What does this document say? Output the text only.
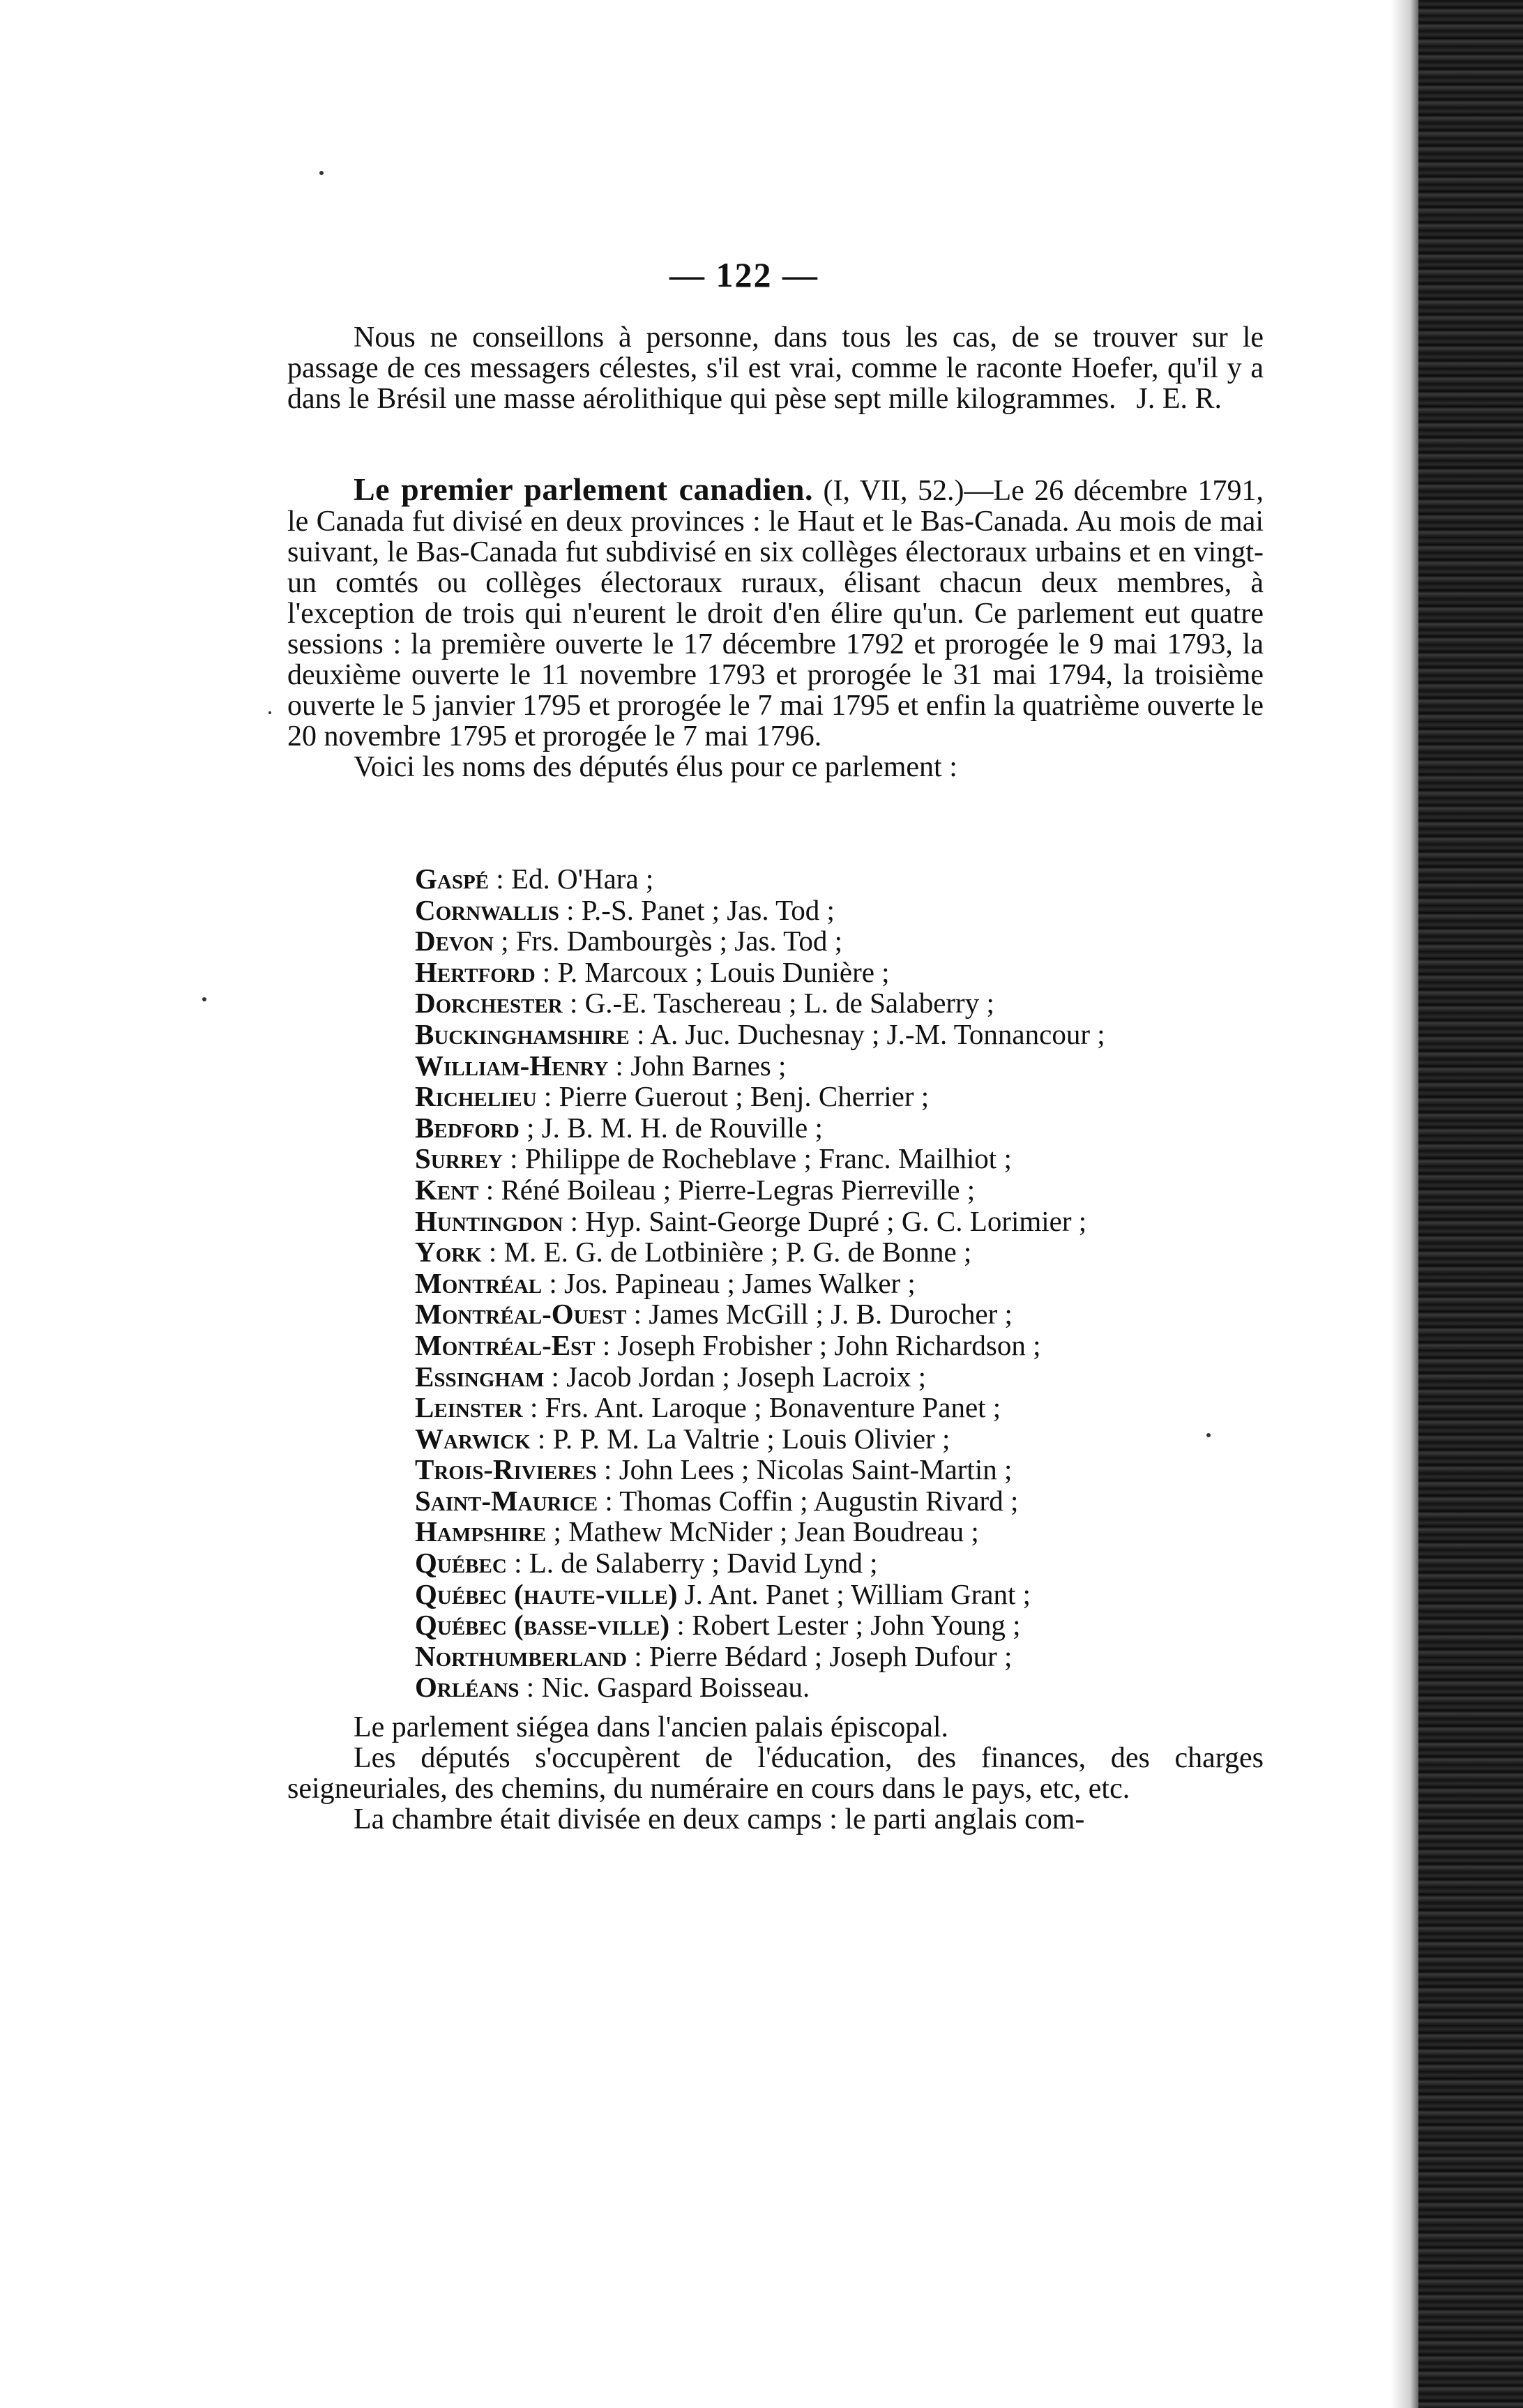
— 122 —

Nous ne conseillons à personne, dans tous les cas, de se trouver sur le passage de ces messagers célestes, s'il est vrai, comme le raconte Hoefer, qu'il y a dans le Brésil une masse aérolithique qui pèse sept mille kilogrammes. J. E. R.

Le premier parlement canadien. (I, VII, 52.)—Le 26 décembre 1791, le Canada fut divisé en deux provinces : le Haut et le Bas-Canada. Au mois de mai suivant, le Bas-Canada fut subdivisé en six collèges électoraux urbains et en vingt-un comtés ou collèges électoraux ruraux, élisant chacun deux membres, à l'exception de trois qui n'eurent le droit d'en élire qu'un. Ce parlement eut quatre sessions : la première ouverte le 17 décembre 1792 et prorogée le 9 mai 1793, la deuxième ouverte le 11 novembre 1793 et prorogée le 31 mai 1794, la troisième ouverte le 5 janvier 1795 et prorogée le 7 mai 1795 et enfin la quatrième ouverte le 20 novembre 1795 et prorogée le 7 mai 1796.

Voici les noms des députés élus pour ce parlement :

Gaspé : Ed. O'Hara ;
Cornwallis : P.-S. Panet ; Jas. Tod ;
Devon ; Frs. Dambourgès ; Jas. Tod ;
Hertford : P. Marcoux ; Louis Dunière ;
Dorchester : G.-E. Taschereau ; L. de Salaberry ;
Buckinghamshire : A. Juc. Duchesnay ; J.-M. Tonnancour ;
William-Henry : John Barnes ;
Richelieu : Pierre Guerout ; Benj. Cherrier ;
Bedford ; J. B. M. H. de Rouville ;
Surrey : Philippe de Rocheblave ; Franc. Mailhiot ;
Kent : Réné Boileau ; Pierre-Legras Pierreville ;
Huntingdon : Hyp. Saint-George Dupré ; G. C. Lorimier ;
York : M. E. G. de Lotbinière ; P. G. de Bonne ;
Montréal : Jos. Papineau ; James Walker ;
Montréal-Ouest : James McGill ; J. B. Durocher ;
Montréal-Est : Joseph Frobisher ; John Richardson ;
Essingham : Jacob Jordan ; Joseph Lacroix ;
Leinster : Frs. Ant. Laroque ; Bonaventure Panet ;
Warwick : P. P. M. La Valtrie ; Louis Olivier ;
Trois-Rivieres : John Lees ; Nicolas Saint-Martin ;
Saint-Maurice : Thomas Coffin ; Augustin Rivard ;
Hampshire ; Mathew McNider ; Jean Boudreau ;
Québec : L. de Salaberry ; David Lynd ;
Québec (haute-ville) J. Ant. Panet ; William Grant ;
Québec (basse-ville) : Robert Lester ; John Young ;
Northumberland : Pierre Bédard ; Joseph Dufour ;
Orléans : Nic. Gaspard Boisseau.

Le parlement siégea dans l'ancien palais épiscopal.

Les députés s'occupèrent de l'éducation, des finances, des charges seigneuriales, des chemins, du numéraire en cours dans le pays, etc, etc.

La chambre était divisée en deux camps : le parti anglais com-
